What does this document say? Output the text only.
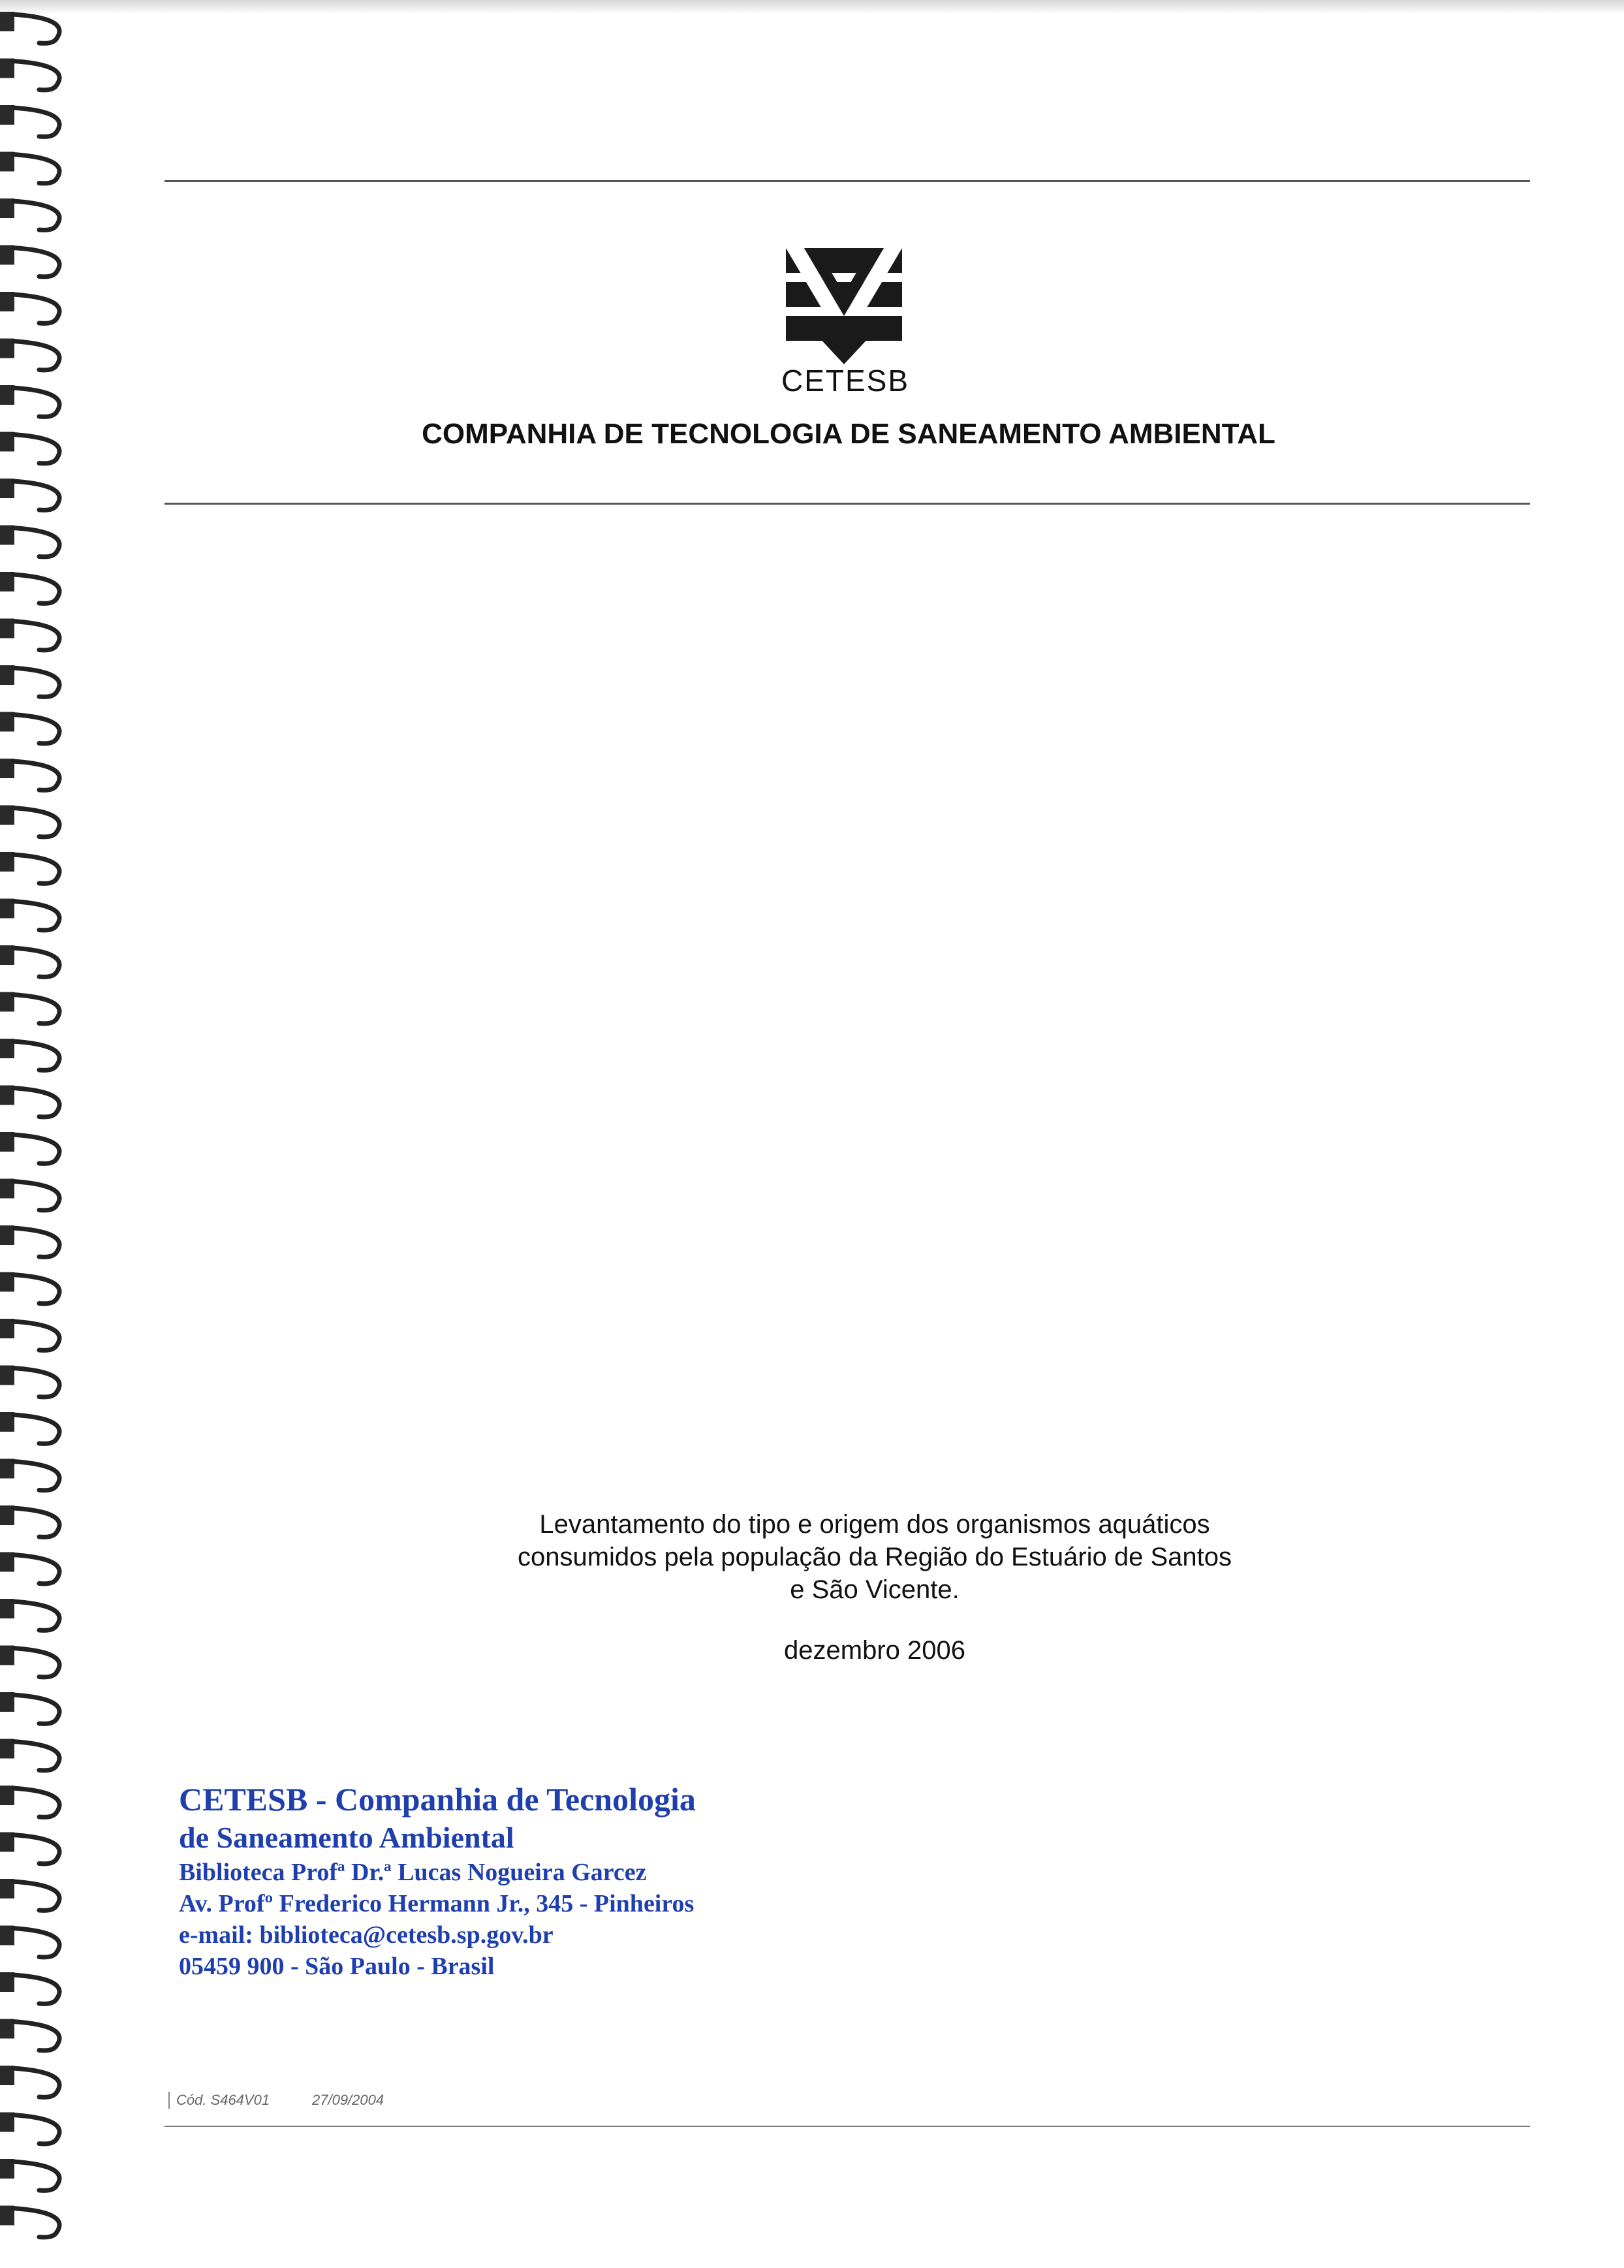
CETESB
COMPANHIA DE TECNOLOGIA DE SANEAMENTO AMBIENTAL
Levantamento do tipo e origem dos organismos aquáticos
consumidos pela população da Região do Estuário de Santos
e São Vicente.
dezembro 2006
CETESB - Companhia de Tecnologia
de Saneamento Ambiental
Biblioteca Profª Dr.ª Lucas Nogueira Garcez
Av. Profº Frederico Hermann Jr., 345 - Pinheiros
e-mail: biblioteca@cetesb.sp.gov.br
05459 900 - São Paulo - Brasil
Cód. S464V01	27/09/2004
